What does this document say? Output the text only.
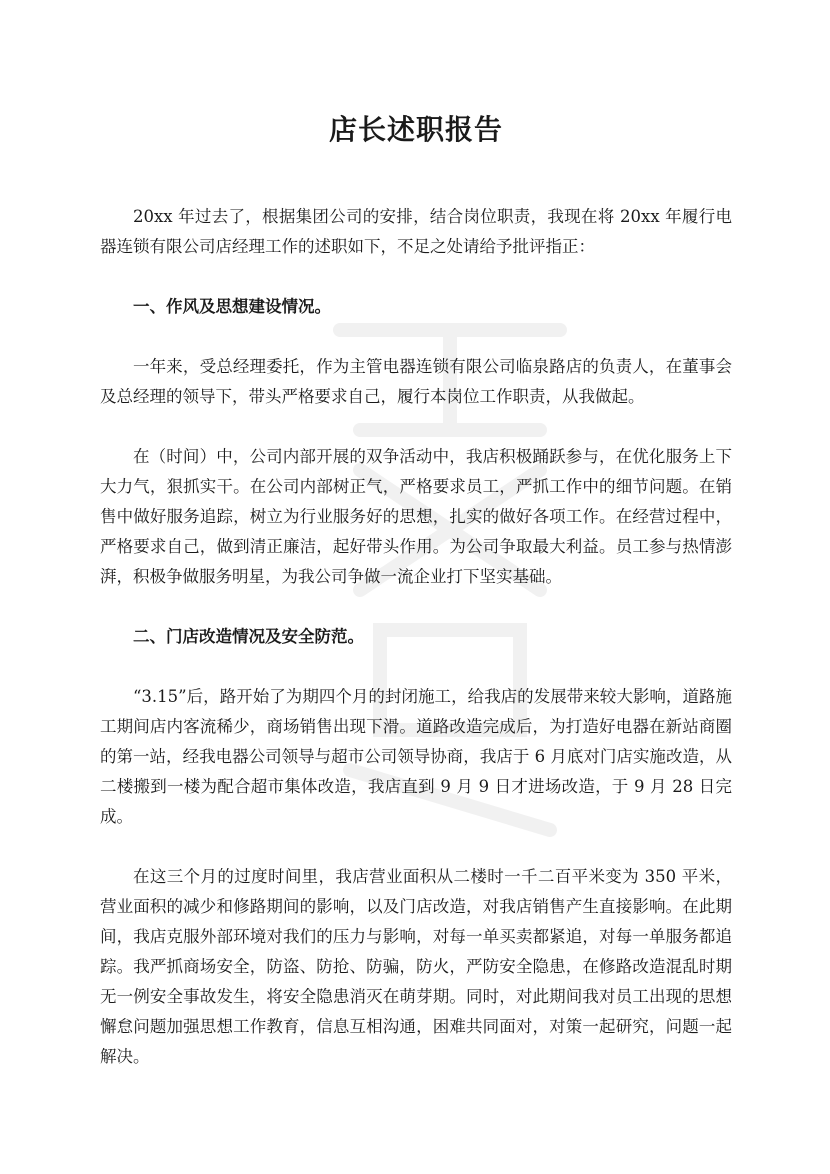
店长述职报告

20xx 年过去了，根据集团公司的安排，结合岗位职责，我现在将 20xx 年履行电器连锁有限公司店经理工作的述职如下，不足之处请给予批评指正：

一、作风及思想建设情况。

一年来，受总经理委托，作为主管电器连锁有限公司临泉路店的负责人，在董事会及总经理的领导下，带头严格要求自己，履行本岗位工作职责，从我做起。

在（时间）中，公司内部开展的双争活动中，我店积极踊跃参与，在优化服务上下大力气，狠抓实干。在公司内部树正气，严格要求员工，严抓工作中的细节问题。在销售中做好服务追踪，树立为行业服务好的思想，扎实的做好各项工作。在经营过程中，严格要求自己，做到清正廉洁，起好带头作用。为公司争取最大利益。员工参与热情澎湃，积极争做服务明星，为我公司争做一流企业打下坚实基础。

二、门店改造情况及安全防范。

“3.15”后，路开始了为期四个月的封闭施工，给我店的发展带来较大影响，道路施工期间店内客流稀少，商场销售出现下滑。道路改造完成后，为打造好电器在新站商圈的第一站，经我电器公司领导与超市公司领导协商，我店于 6 月底对门店实施改造，从二楼搬到一楼为配合超市集体改造，我店直到 9 月 9 日才进场改造，于 9 月 28 日完成。

在这三个月的过度时间里，我店营业面积从二楼时一千二百平米变为 350 平米，营业面积的减少和修路期间的影响，以及门店改造，对我店销售产生直接影响。在此期间，我店克服外部环境对我们的压力与影响，对每一单买卖都紧追，对每一单服务都追踪。我严抓商场安全，防盗、防抢、防骗，防火，严防安全隐患，在修路改造混乱时期无一例安全事故发生，将安全隐患消灭在萌芽期。同时，对此期间我对员工出现的思想懈怠问题加强思想工作教育，信息互相沟通，困难共同面对，对策一起研究，问题一起解决。
